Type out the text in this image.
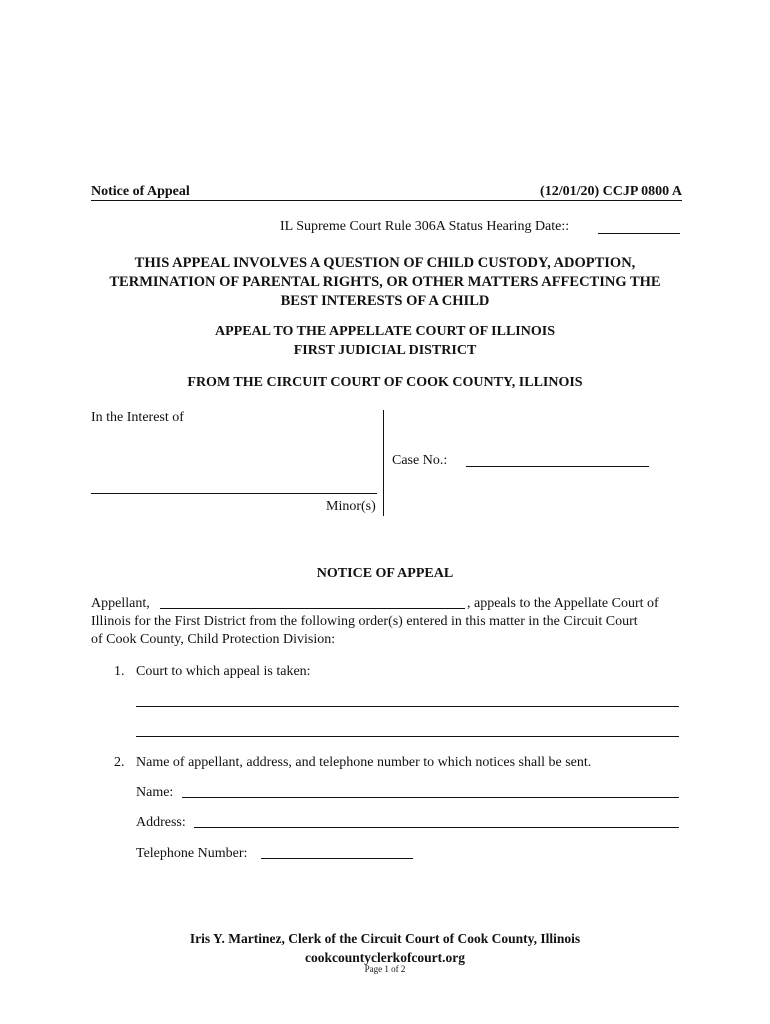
Notice of Appeal	(12/01/20) CCJP 0800 A
IL Supreme Court Rule 306A Status Hearing Date::
THIS APPEAL INVOLVES A QUESTION OF CHILD CUSTODY, ADOPTION,
TERMINATION OF PARENTAL RIGHTS, OR OTHER MATTERS AFFECTING THE
BEST INTERESTS OF A CHILD
APPEAL TO THE APPELLATE COURT OF ILLINOIS
FIRST JUDICIAL DISTRICT
FROM THE CIRCUIT COURT OF COOK COUNTY, ILLINOIS
In the Interest of
Case No.:
Minor(s)
NOTICE OF APPEAL
Appellant,	, appeals to the Appellate Court of
Illinois for the First District from the following order(s) entered in this matter in the Circuit Court
of Cook County, Child Protection Division:
1. Court to which appeal is taken:
2. Name of appellant, address, and telephone number to which notices shall be sent.
Name:
Address:
Telephone Number:
Iris Y. Martinez, Clerk of the Circuit Court of Cook County, Illinois
cookcountyclerkofcourt.org
Page 1 of 2
